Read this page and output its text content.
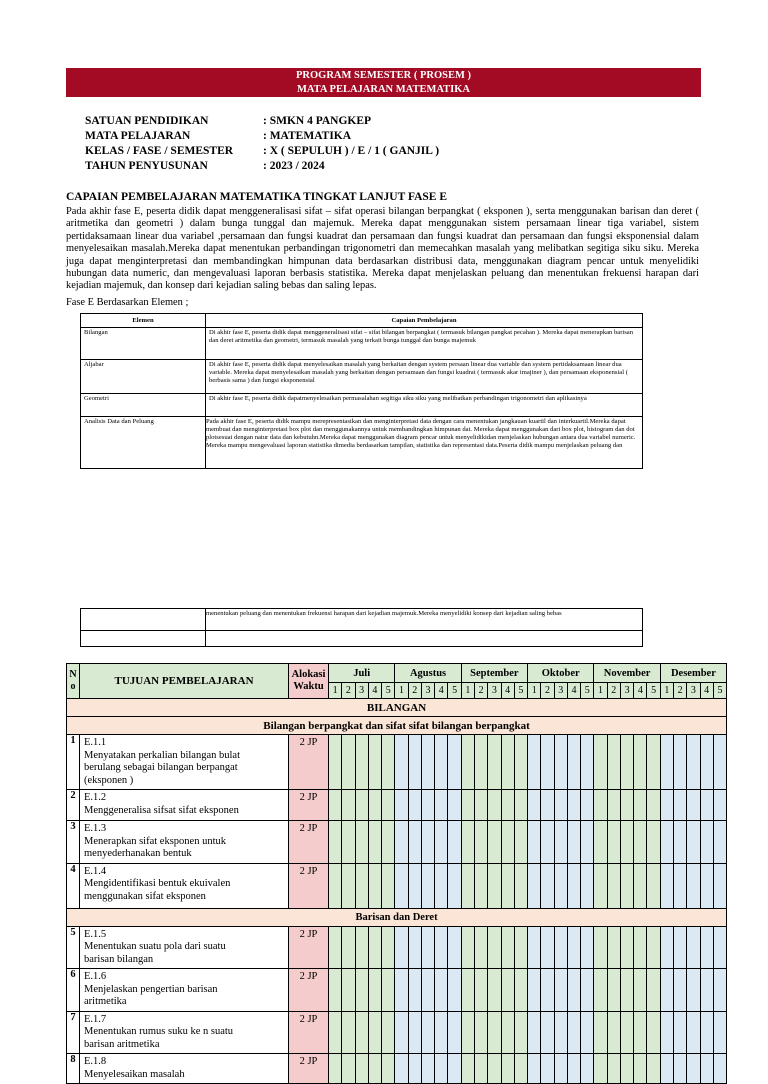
PROGRAM SEMESTER ( PROSEM )
MATA PELAJARAN MATEMATIKA
SATUAN PENDIDIKAN	: SMKN 4 PANGKEP
MATA PELAJARAN	: MATEMATIKA
KELAS / FASE / SEMESTER	: X ( SEPULUH ) / E / 1 ( GANJIL )
TAHUN PENYUSUNAN	: 2023 / 2024
CAPAIAN PEMBELAJARAN MATEMATIKA TINGKAT LANJUT FASE E
Pada akhir fase E, peserta didik dapat menggeneralisasi sifat – sifat operasi bilangan berpangkat ( eksponen ), serta menggunakan barisan dan deret ( aritmetika dan geometri ) dalam bunga tunggal dan majemuk. Mereka dapat menggunakan sistem persamaan linear tiga variabel, sistem pertidaksamaan linear dua variabel ,persamaan dan fungsi kuadrat dan persamaan dan fungsi kuadrat dan persamaan dan fungsi eksponensial dalam menyelesaikan masalah.Mereka dapat menentukan perbandingan trigonometri dan memecahkan masalah yang melibatkan segitiga siku siku. Mereka juga dapat menginterpretasi dan membandingkan himpunan data berdasarkan distribusi data, menggunakan diagram pencar untuk menyelidiki hubungan data numeric, dan mengevaluasi laporan berbasis statistika. Mereka dapat menjelaskan peluang dan menentukan frekuensi harapan dari kejadian majemuk, dan konsep dari kejadian saling bebas dan saling lepas.
Fase E Berdasarkan Elemen ;
Elemen	Capaian Pembelajaran
Bilangan	Di akhir fase E, peserta didik dapat menggeneralisasi sifat – sifat bilangan berpangkat ( termasuk bilangan pangkat pecahan ). Mereka dapat menerapkan barisan dan deret aritmetika dan geometri, termasuk masalah yang terkait bunga tunggal dan bunga majemuk
Aljabar	Di akhir fase E, peserta didik dapat menyelesaikan masalah yang berkaitan dengan system persaan linear dua variable dan system pertidaksamaan linear dua variable. Mereka dapat menyelesaikan masalah yang berkaitan dengan persamaan dan fungsi kuadrat ( termasuk akar imajiner ), dan persamaan eksponensial ( berbasis sama ) dan fungsi eksponensial
Geometri	Di akhir fase E, peserta didik dapatmenyelesaikan permasalahan segitiga siku siku yang melibatkan perbandingan trigonometri dan aplikasinya
Analisis Data dan Peluang	Pada akhir fase E, peserta didik mampu merepresentasikan dan menginterpretasi data dengan cara menentukan jangkauan kuartil dan interkuartil.Mereka dapat membuat dan menginterpretasi box plot dan menggunakannya untuk membandingkan himpunan dat. Mereka dapat menggunakan dari box plot, histogram dan dot plotsesuai dengan natur data dan kebutuhn.Mereka dapat menggunakan diagram pencar untuk menyelidikidan menjelaskan hubungan antara dua variabel numeric. Mereka mampu mengevaluasi laporan statistika dimedia berdasarkan tampilan, statistika dan representasi data.Peserta didik mampu menjelaskan peluang dan
	menentukan peluang dan menentukan frekuensi harapan dari kejadian majemuk.Mereka menyelidiki konsep dari kejadian saling bebas

N o	TUJUAN PEMBELAJARAN	Alokasi Waktu	Juli					Agustus					September					Oktober					November					Desember				
			1	2	3	4	5	1	2	3	4	5	1	2	3	4	5	1	2	3	4	5	1	2	3	4	5	1	2	3	4	5
BILANGAN																																
Bilangan berpangkat dan sifat sifat bilangan berpangkat																																
1	E.1.1Menyatakan perkalian bilangan bulat berulang sebagai bilangan berpangat (eksponen )	2 JP																														
2	E.1.2Menggeneralisa sifsat sifat eksponen	2 JP																														
3	E.1.3Menerapkan sifat eksponen untuk menyederhanakan bentuk	2 JP																														
4	E.1.4Mengidentifikasi bentuk ekuivalen menggunakan sifat eksponen	2 JP																														
Barisan dan Deret																																
5	E.1.5Menentukan suatu pola dari suatu barisan bilangan	2 JP																														
6	E.1.6Menjelaskan pengertian barisan aritmetika	2 JP																														
7	E.1.7Menentukan rumus suku ke n suatu barisan aritmetika	2 JP																														
8	E.1.8Menyelesaikan masalah	2 JP																														
